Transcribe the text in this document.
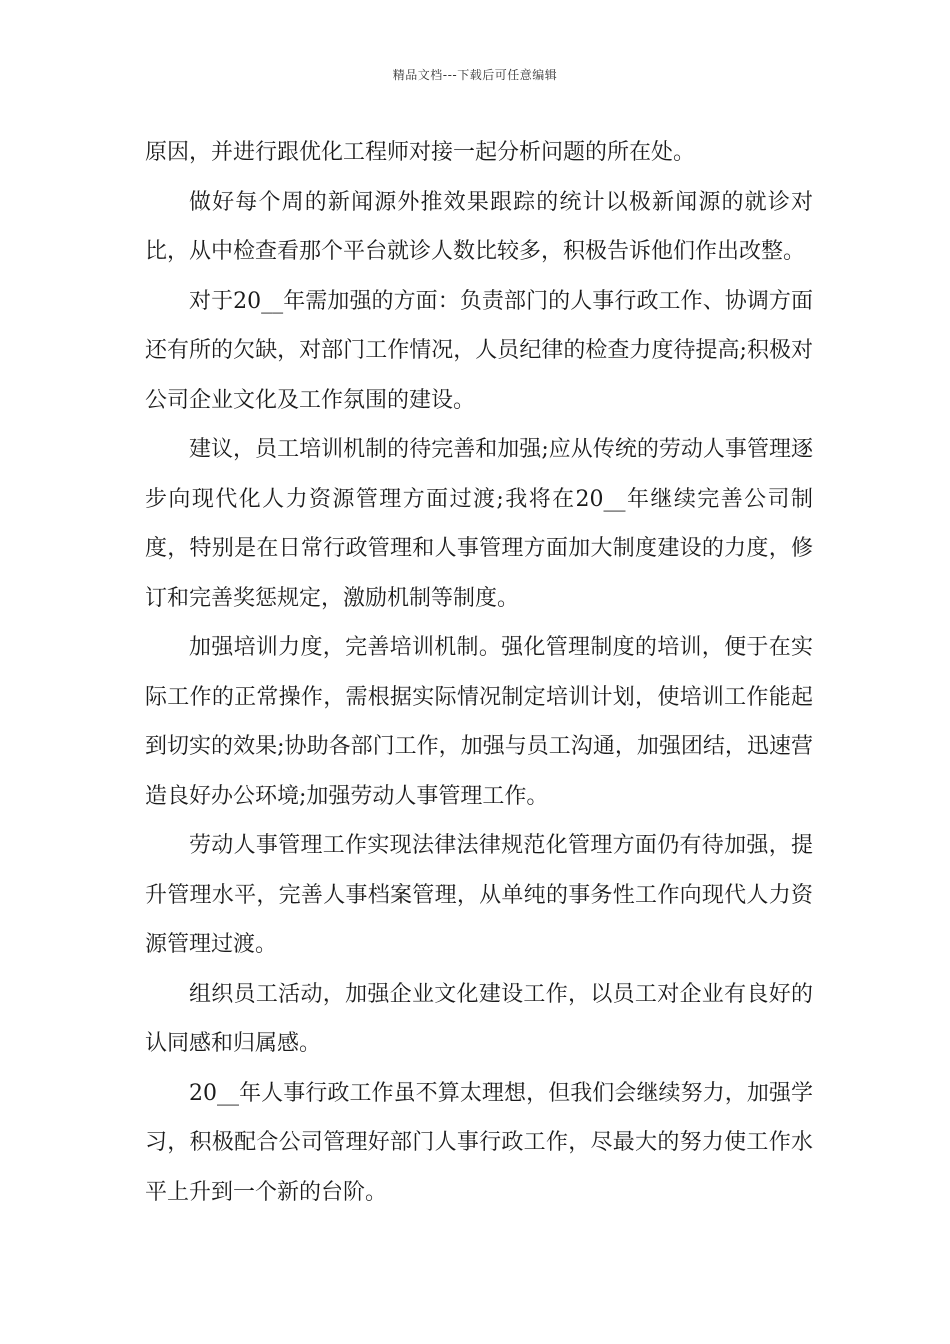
精品文档---下载后可任意编辑

原因，并进行跟优化工程师对接一起分析问题的所在处。

做好每个周的新闻源外推效果跟踪的统计以极新闻源的就诊对比，从中检查看那个平台就诊人数比较多，积极告诉他们作出改整。

对于20__年需加强的方面：负责部门的人事行政工作、协调方面还有所的欠缺，对部门工作情况，人员纪律的检查力度待提高;积极对公司企业文化及工作氛围的建设。

建议，员工培训机制的待完善和加强;应从传统的劳动人事管理逐步向现代化人力资源管理方面过渡;我将在20__年继续完善公司制度，特别是在日常行政管理和人事管理方面加大制度建设的力度，修订和完善奖惩规定，激励机制等制度。

加强培训力度，完善培训机制。强化管理制度的培训，便于在实际工作的正常操作，需根据实际情况制定培训计划，使培训工作能起到切实的效果;协助各部门工作，加强与员工沟通，加强团结，迅速营造良好办公环境;加强劳动人事管理工作。

劳动人事管理工作实现法律法律规范化管理方面仍有待加强，提升管理水平，完善人事档案管理，从单纯的事务性工作向现代人力资源管理过渡。

组织员工活动，加强企业文化建设工作，以员工对企业有良好的认同感和归属感。

20__年人事行政工作虽不算太理想，但我们会继续努力，加强学习，积极配合公司管理好部门人事行政工作，尽最大的努力使工作水平上升到一个新的台阶。
